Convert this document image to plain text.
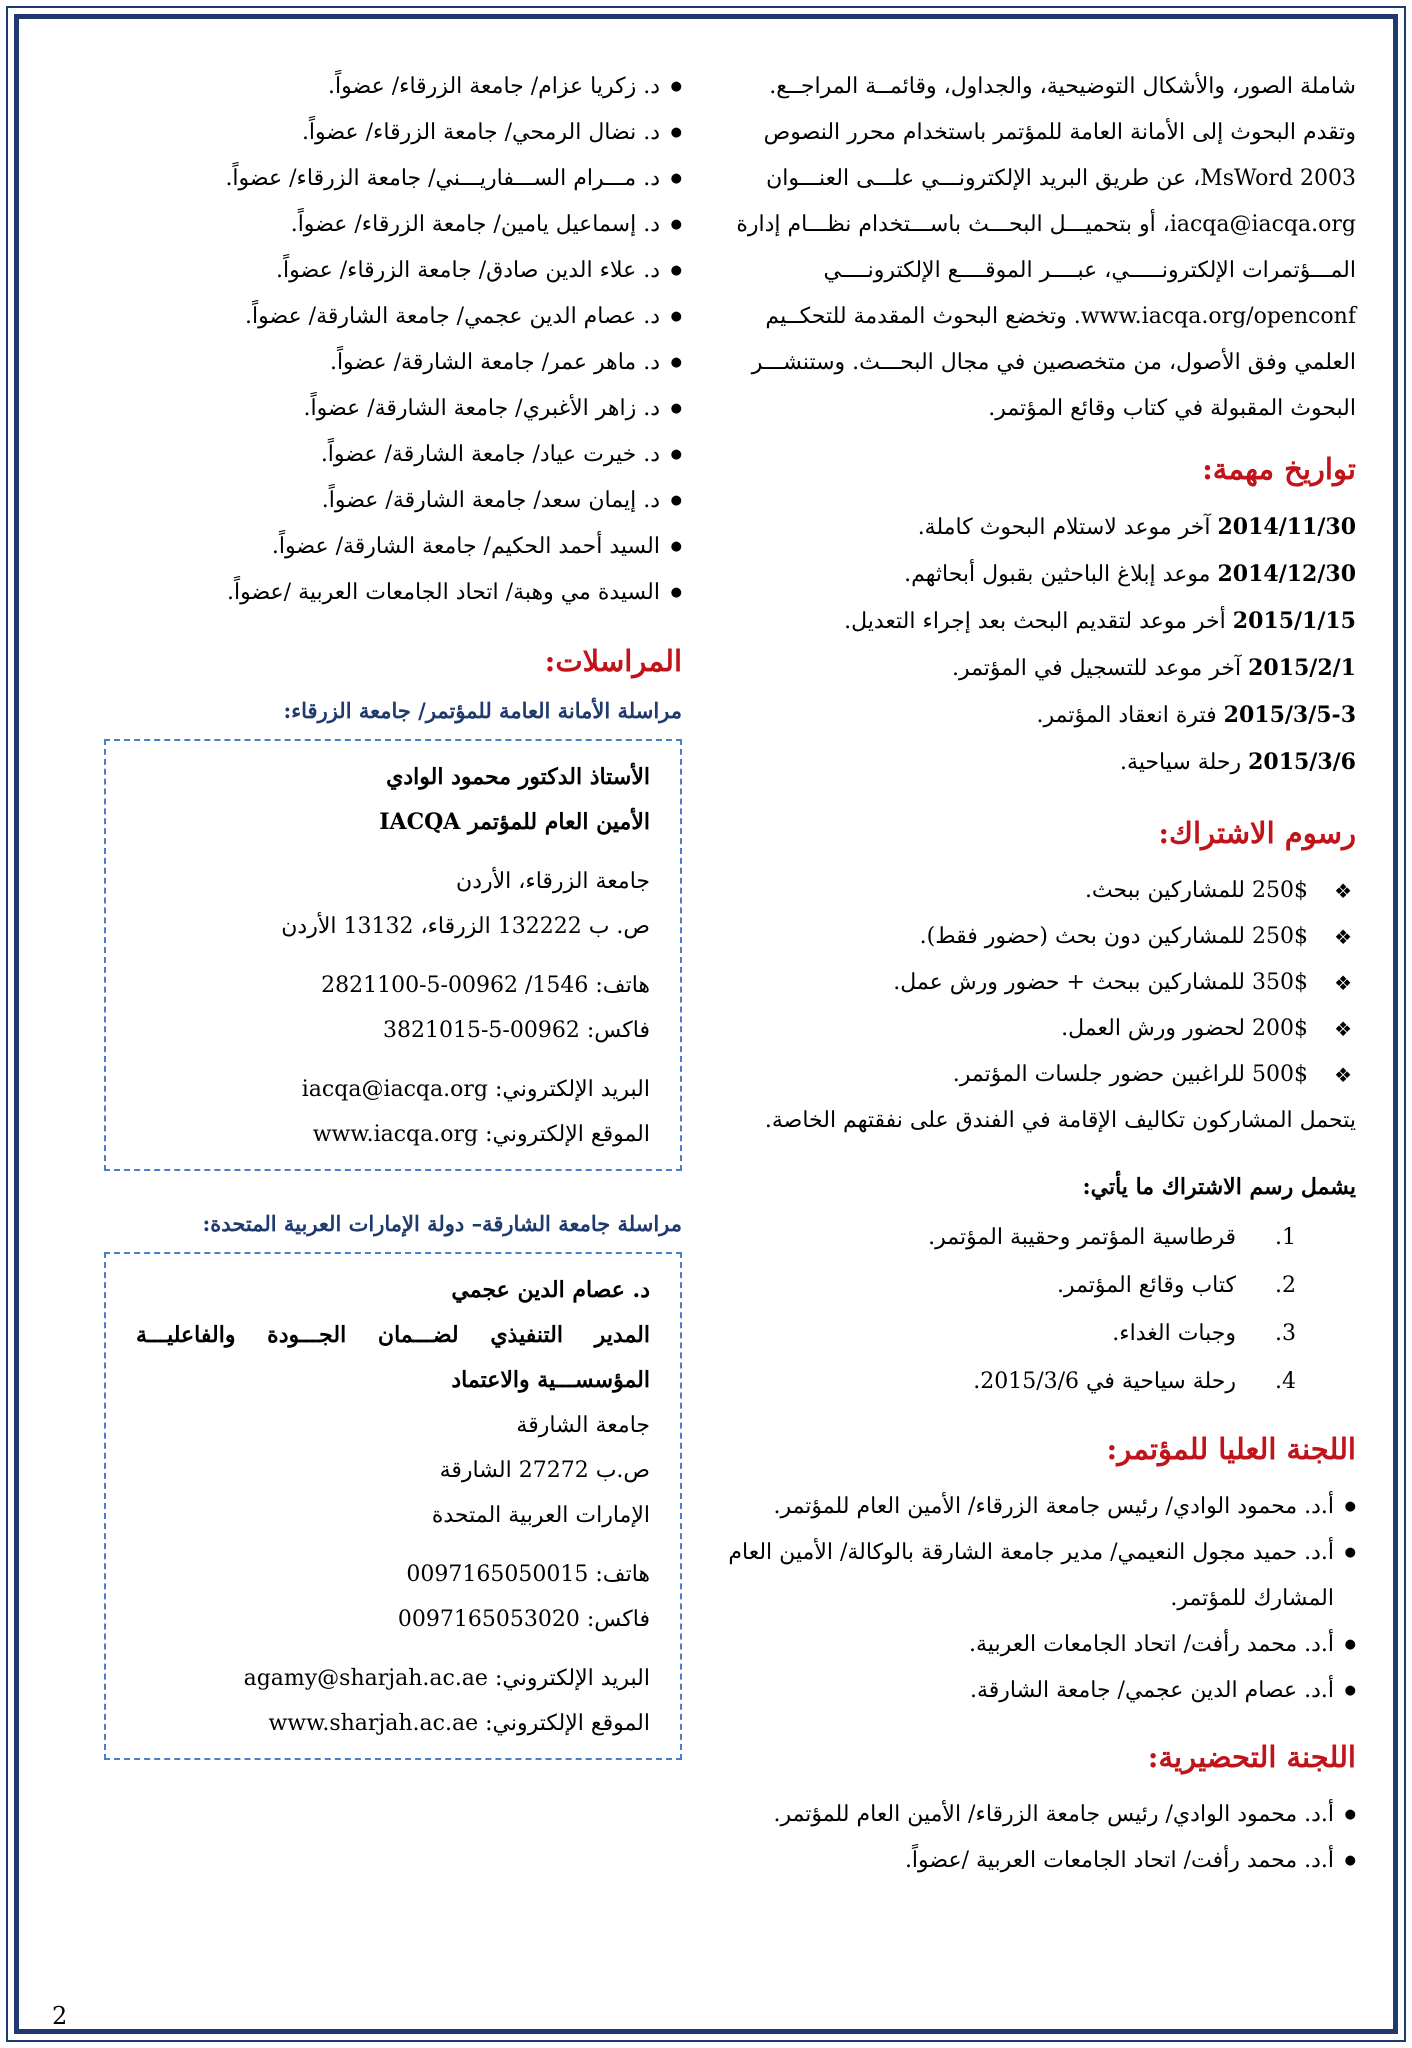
شاملة الصور، والأشكال التوضيحية، والجداول، وقائمــة المراجــع.

وتقدم البحوث إلى الأمانة العامة للمؤتمر باستخدام محرر النصوص

MsWord 2003، عن طريق البريد الإلكترونـــي علـــى العنـــوان

iacqa@iacqa.org، أو بتحميـــل البحـــث باســـتخدام نظـــام إدارة

المـــؤتمرات الإلكترونـــــي، عبــــر الموقــــع الإلكترونــــي

www.iacqa.org/openconf. وتخضع البحوث المقدمة للتحكــيم

العلمي وفق الأصول، من متخصصين في مجال البحـــث. وستنشـــر

البحوث المقبولة في كتاب وقائع المؤتمر.

تواريخ مهمة:

2014/11/30 آخر موعد لاستلام البحوث كاملة.

2014/12/30 موعد إبلاغ الباحثين بقبول أبحاثهم.

2015/1/15 أخر موعد لتقديم البحث بعد إجراء التعديل.

2015/2/1 آخر موعد للتسجيل في المؤتمر.

2015/3/5-3 فترة انعقاد المؤتمر.

2015/3/6 رحلة سياحية.

رسوم الاشتراك:
❖
250$ للمشاركين ببحث.
❖
250$ للمشاركين دون بحث (حضور فقط).
❖
350$ للمشاركين ببحث + حضور ورش عمل.
❖
200$ لحضور ورش العمل.
❖
500$ للراغبين حضور جلسات المؤتمر.

يتحمل المشاركون تكاليف الإقامة في الفندق على نفقتهم الخاصة.

يشمل رسم الاشتراك ما يأتي:

1.
قرطاسية المؤتمر وحقيبة المؤتمر.
2.
كتاب وقائع المؤتمر.
3.
وجبات الغداء.
4.
رحلة سياحية في 2015/3/6.
اللجنة العليا للمؤتمر:
● أ.د. محمود الوادي/ رئيس جامعة الزرقاء/ الأمين العام للمؤتمر.
● أ.د. حميد مجول النعيمي/ مدير جامعة الشارقة بالوكالة/ الأمين العام المشارك للمؤتمر.
● أ.د. محمد رأفت/ اتحاد الجامعات العربية.
● أ.د. عصام الدين عجمي/ جامعة الشارقة.
اللجنة التحضيرية:
● أ.د. محمود الوادي/ رئيس جامعة الزرقاء/ الأمين العام للمؤتمر.
● أ.د. محمد رأفت/ اتحاد الجامعات العربية /عضواً.
● د. زكريا عزام/ جامعة الزرقاء/ عضواً.
● د. نضال الرمحي/ جامعة الزرقاء/ عضواً.
● د. مـــرام الســـفاريـــني/ جامعة الزرقاء/ عضواً.
● د. إسماعيل يامين/ جامعة الزرقاء/ عضواً.
● د. علاء الدين صادق/ جامعة الزرقاء/ عضواً.
● د. عصام الدين عجمي/ جامعة الشارقة/ عضواً.
● د. ماهر عمر/ جامعة الشارقة/ عضواً.
● د. زاهر الأغبري/ جامعة الشارقة/ عضواً.
● د. خيرت عياد/ جامعة الشارقة/ عضواً.
● د. إيمان سعد/ جامعة الشارقة/ عضواً.
● السيد أحمد الحكيم/ جامعة الشارقة/ عضواً.
● السيدة مي وهبة/ اتحاد الجامعات العربية /عضواً.
المراسلات:
مراسلة الأمانة العامة للمؤتمر/ جامعة الزرقاء:
الأستاذ الدكتور محمود الوادي
الأمين العام للمؤتمر IACQA
جامعة الزرقاء، الأردن
ص. ب 132222 الزرقاء، 13132 الأردن
هاتف: 1546/ 00962-5-2821100
فاكس: 00962-5-3821015
البريد الإلكتروني: iacqa@iacqa.org
الموقع الإلكتروني: www.iacqa.org
مراسلة جامعة الشارقة– دولة الإمارات العربية المتحدة:
د. عصام الدين عجمي
المدير التنفيذي لضـــمان الجـــودة والفاعليـــة المؤسســـية والاعتماد
جامعة الشارقة
ص.ب 27272 الشارقة
الإمارات العربية المتحدة
هاتف: 0097165050015
فاكس: 0097165053020
البريد الإلكتروني: agamy@sharjah.ac.ae
الموقع الإلكتروني: www.sharjah.ac.ae
2
